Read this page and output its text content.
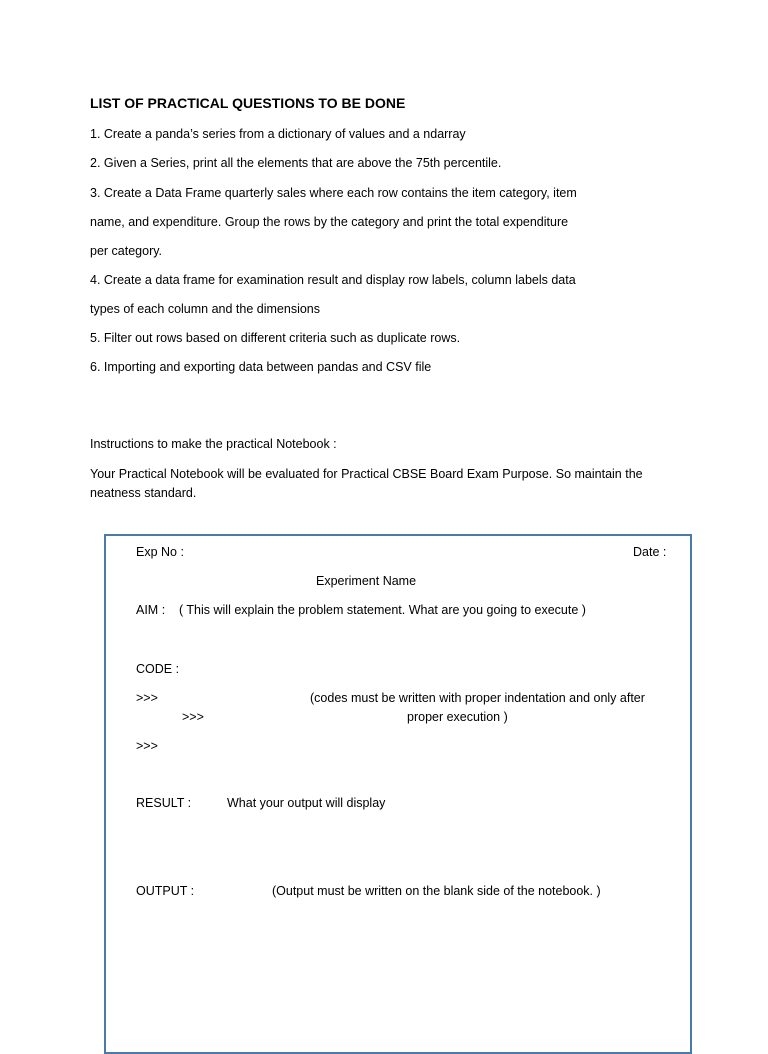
LIST OF PRACTICAL QUESTIONS TO BE DONE
1. Create a panda’s series from a dictionary of values and a ndarray
2. Given a Series, print all the elements that are above the 75th percentile.
3. Create a Data Frame quarterly sales where each row contains the item category, item
name, and expenditure. Group the rows by the category and print the total expenditure
per category.
4. Create a data frame for examination result and display row labels, column labels data
types of each column and the dimensions
5. Filter out rows based on different criteria such as duplicate rows.
6. Importing and exporting data between pandas and CSV file
Instructions to make the practical Notebook :
Your Practical Notebook will be evaluated for Practical CBSE Board Exam Purpose. So maintain the neatness standard.
Exp No :	Date :
Experiment Name
AIM : ( This will explain the problem statement. What are you going to execute )
CODE :
>>>	(codes must be written with proper indentation and only after
>>>	proper execution )
>>>
RESULT :	What your output will display
OUTPUT :	(Output must be written on the blank side of the notebook. )
